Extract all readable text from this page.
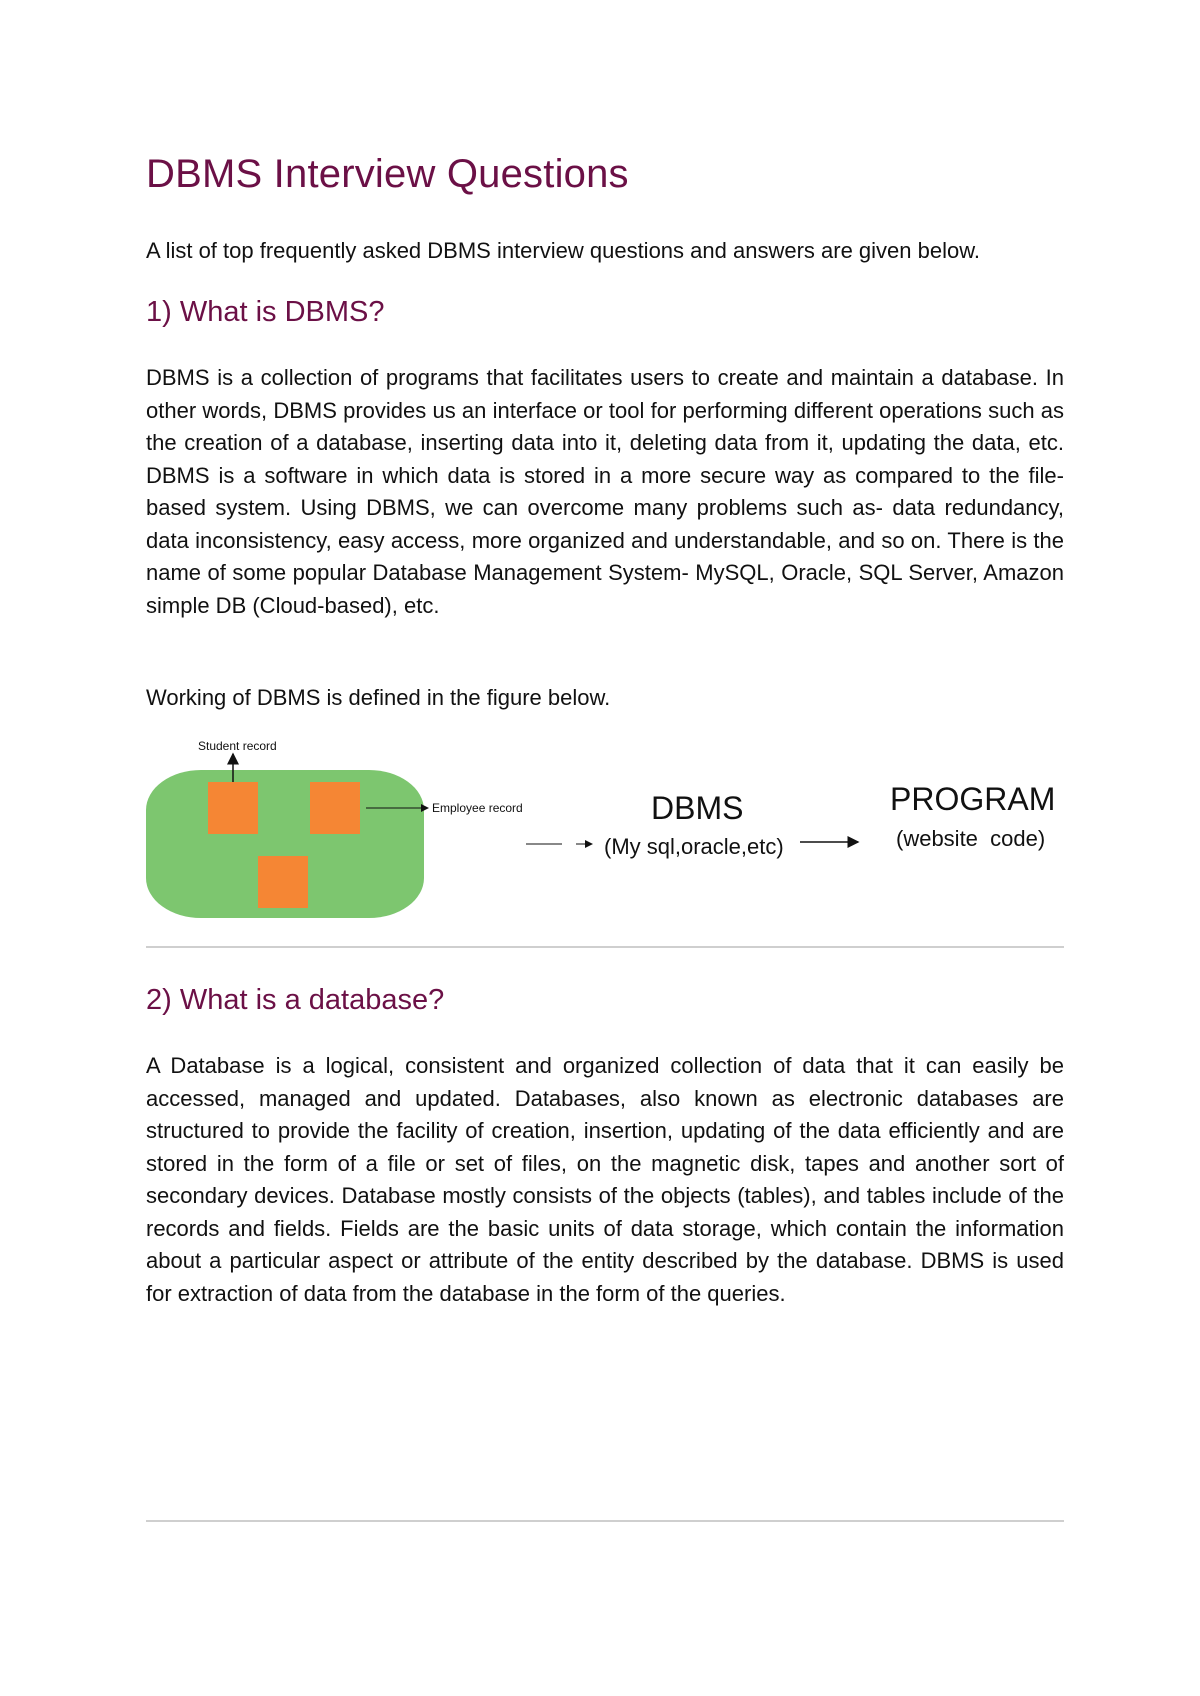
DBMS Interview Questions

A list of top frequently asked DBMS interview questions and answers are given below.

1) What is DBMS?

DBMS is a collection of programs that facilitates users to create and maintain a database. In other words, DBMS provides us an interface or tool for performing different operations such as the creation of a database, inserting data into it, deleting data from it, updating the data, etc. DBMS is a software in which data is stored in a more secure way as compared to the file-based system. Using DBMS, we can overcome many problems such as- data redundancy, data inconsistency, easy access, more organized and understandable, and so on. There is the name of some popular Database Management System- MySQL, Oracle, SQL Server, Amazon simple DB (Cloud-based), etc.

Working of DBMS is defined in the figure below.

Student record
Employee record	DBMS
(My sql,oracle,etc)
PROGRAM
(website  code)
2) What is a database?

A Database is a logical, consistent and organized collection of data that it can easily be accessed, managed and updated. Databases, also known as electronic databases are structured to provide the facility of creation, insertion, updating of the data efficiently and are stored in the form of a file or set of files, on the magnetic disk, tapes and another sort of secondary devices. Database mostly consists of the objects (tables), and tables include of the records and fields. Fields are the basic units of data storage, which contain the information about a particular aspect or attribute of the entity described by the database. DBMS is used for extraction of data from the database in the form of the queries.
